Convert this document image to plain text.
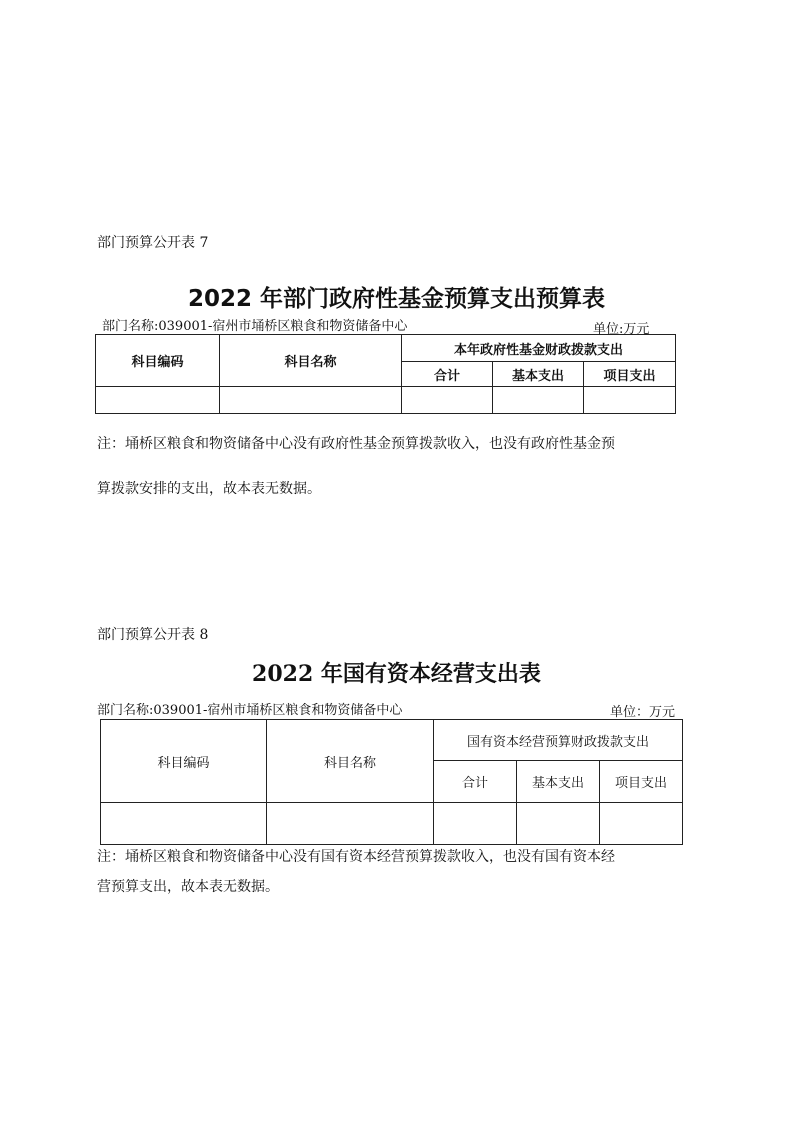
部门预算公开表 7
2022 年部门政府性基金预算支出预算表
部门名称:039001-宿州市埇桥区粮食和物资储备中心	单位:万元
科目编码	科目名称	本年政府性基金财政拨款支出		
		合计	基本支出	项目支出

注：埇桥区粮食和物资储备中心没有政府性基金预算拨款收入，也没有政府性基金预
算拨款安排的支出，故本表无数据。
部门预算公开表 8
2022 年国有资本经营支出表
部门名称:039001-宿州市埇桥区粮食和物资储备中心	单位：万元
科目编码	科目名称	国有资本经营预算财政拨款支出		
		合计	基本支出	项目支出

注：埇桥区粮食和物资储备中心没有国有资本经营预算拨款收入，也没有国有资本经
营预算支出，故本表无数据。
